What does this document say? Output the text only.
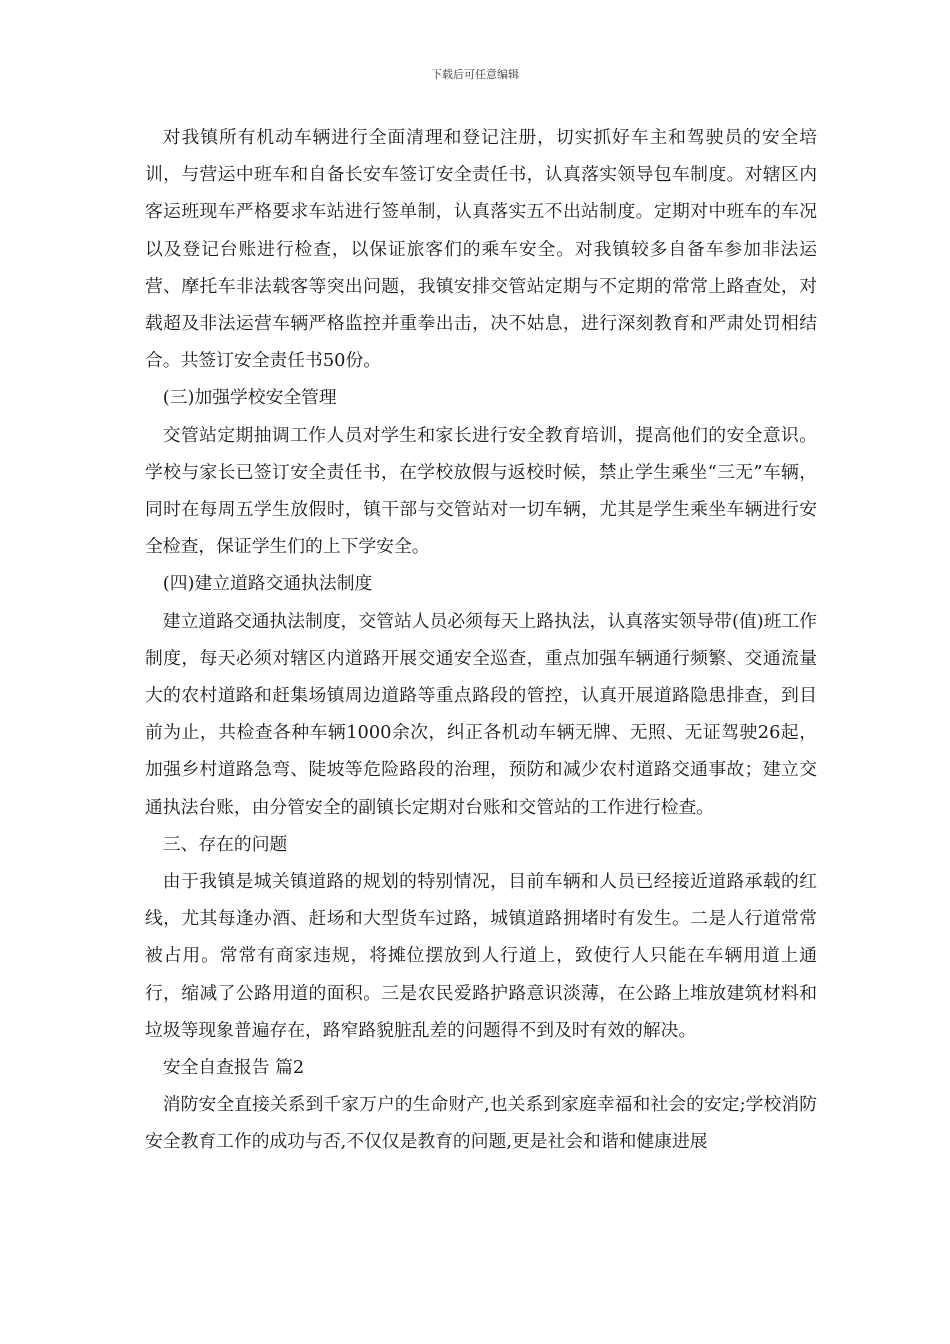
下载后可任意编辑

对我镇所有机动车辆进行全面清理和登记注册，切实抓好车主和驾驶员的安全培训，与营运中班车和自备长安车签订安全责任书，认真落实领导包车制度。对辖区内客运班现车严格要求车站进行签单制，认真落实五不出站制度。定期对中班车的车况以及登记台账进行检查，以保证旅客们的乘车安全。对我镇较多自备车参加非法运营、摩托车非法载客等突出问题，我镇安排交管站定期与不定期的常常上路查处，对载超及非法运营车辆严格监控并重拳出击，决不姑息，进行深刻教育和严肃处罚相结合。共签订安全责任书50份。

(三)加强学校安全管理

交管站定期抽调工作人员对学生和家长进行安全教育培训，提高他们的安全意识。学校与家长已签订安全责任书，在学校放假与返校时候，禁止学生乘坐“三无”车辆，同时在每周五学生放假时，镇干部与交管站对一切车辆，尤其是学生乘坐车辆进行安全检查，保证学生们的上下学安全。

(四)建立道路交通执法制度

建立道路交通执法制度，交管站人员必须每天上路执法，认真落实领导带(值)班工作制度，每天必须对辖区内道路开展交通安全巡查，重点加强车辆通行频繁、交通流量大的农村道路和赶集场镇周边道路等重点路段的管控，认真开展道路隐患排查，到目前为止，共检查各种车辆1000余次，纠正各机动车辆无牌、无照、无证驾驶26起，加强乡村道路急弯、陡坡等危险路段的治理，预防和减少农村道路交通事故；建立交通执法台账，由分管安全的副镇长定期对台账和交管站的工作进行检查。

三、存在的问题

由于我镇是城关镇道路的规划的特别情况，目前车辆和人员已经接近道路承载的红线，尤其每逢办酒、赶场和大型货车过路，城镇道路拥堵时有发生。二是人行道常常被占用。常常有商家违规，将摊位摆放到人行道上，致使行人只能在车辆用道上通行，缩减了公路用道的面积。三是农民爱路护路意识淡薄，在公路上堆放建筑材料和垃圾等现象普遍存在，路窄路貌脏乱差的问题得不到及时有效的解决。

安全自查报告 篇2

消防安全直接关系到千家万户的生命财产,也关系到家庭幸福和社会的安定;学校消防安全教育工作的成功与否,不仅仅是教育的问题,更是社会和谐和健康进展
